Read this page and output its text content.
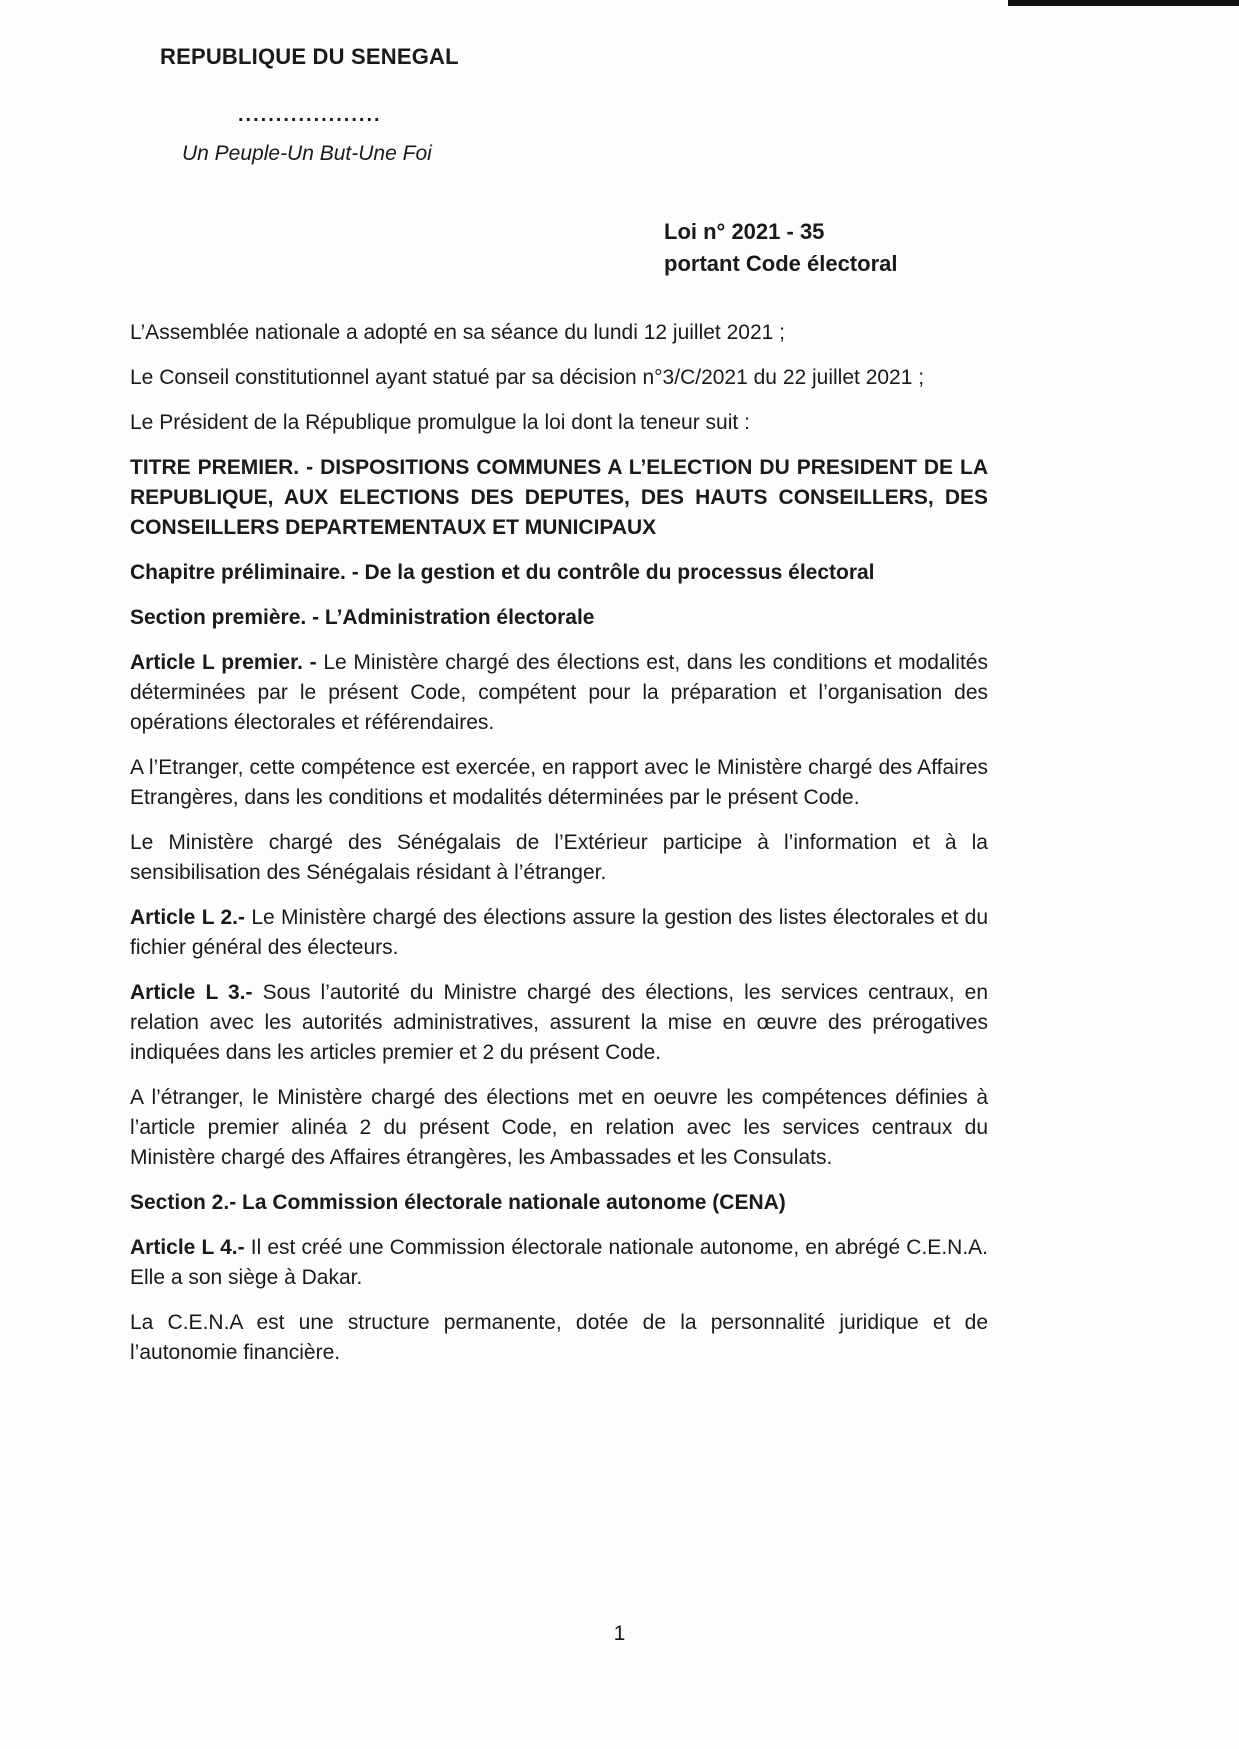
REPUBLIQUE DU SENEGAL
...................
Un Peuple-Un But-Une Foi
Loi n° 2021 - 35
portant Code électoral

L’Assemblée nationale a adopté en sa séance du lundi 12 juillet 2021 ;

Le Conseil constitutionnel ayant statué par sa décision n°3/C/2021 du 22 juillet 2021 ;

Le Président de la République promulgue la loi dont la teneur suit :

TITRE PREMIER. - DISPOSITIONS COMMUNES A L’ELECTION DU PRESIDENT DE LA REPUBLIQUE, AUX ELECTIONS DES DEPUTES, DES HAUTS CONSEILLERS, DES CONSEILLERS DEPARTEMENTAUX ET MUNICIPAUX

Chapitre préliminaire. - De la gestion et du contrôle du processus électoral

Section première. - L’Administration électorale

Article L premier. - Le Ministère chargé des élections est, dans les conditions et modalités déterminées par le présent Code, compétent pour la préparation et l’organisation des opérations électorales et référendaires.

A l’Etranger, cette compétence est exercée, en rapport avec le Ministère chargé des Affaires Etrangères, dans les conditions et modalités déterminées par le présent Code.

Le Ministère chargé des Sénégalais de l’Extérieur participe à l’information et à la sensibilisation des Sénégalais résidant à l’étranger.

Article L 2.- Le Ministère chargé des élections assure la gestion des listes électorales et du fichier général des électeurs.

Article L 3.- Sous l’autorité du Ministre chargé des élections, les services centraux, en relation avec les autorités administratives, assurent la mise en œuvre des prérogatives indiquées dans les articles premier et 2 du présent Code.

A l’étranger, le Ministère chargé des élections met en oeuvre les compétences définies à l’article premier alinéa 2 du présent Code, en relation avec les services centraux du Ministère chargé des Affaires étrangères, les Ambassades et les Consulats.

Section 2.- La Commission électorale nationale autonome (CENA)

Article L 4.- Il est créé une Commission électorale nationale autonome, en abrégé C.E.N.A. Elle a son siège à Dakar.

La C.E.N.A est une structure permanente, dotée de la personnalité juridique et de l’autonomie financière.

1
